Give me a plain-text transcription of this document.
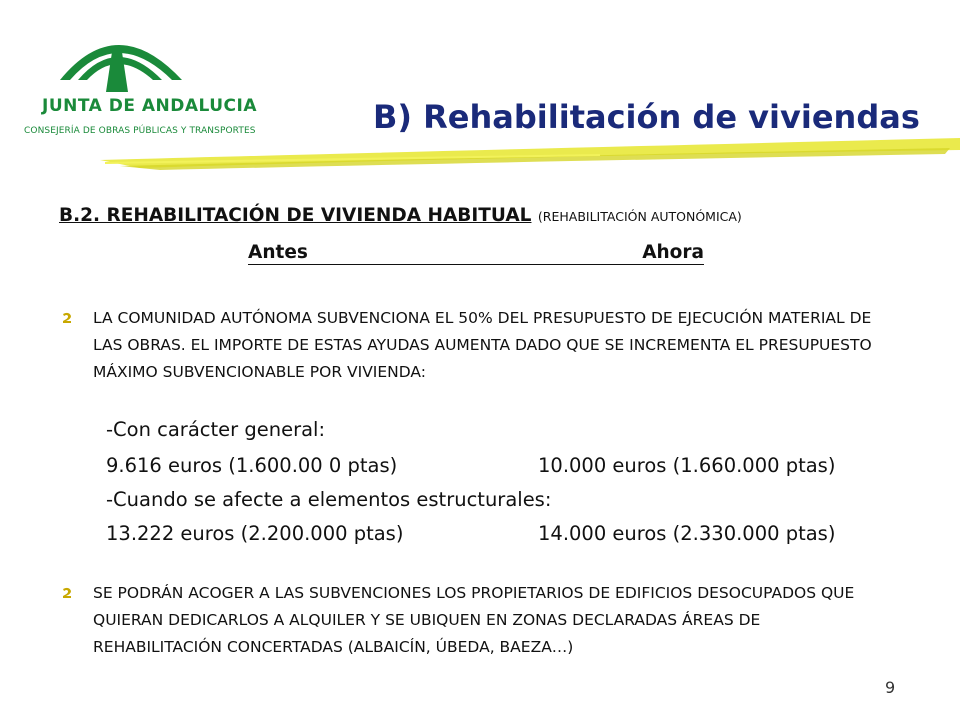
JUNTA DE ANDALUCIA
CONSEJERÍA DE OBRAS PÚBLICAS Y TRANSPORTES	B) Rehabilitación de viviendas
B.2. REHABILITACIÓN DE VIVIENDA HABITUAL (REHABILITACIÓN AUTONÓMICA)
Antes	Ahora
LA COMUNIDAD AUTÓNOMA SUBVENCIONA EL 50% DEL PRESUPUESTO DE EJECUCIÓN MATERIAL DE LAS OBRAS. EL IMPORTE DE ESTAS AYUDAS AUMENTA DADO QUE SE INCREMENTA EL PRESUPUESTO MÁXIMO SUBVENCIONABLE POR VIVIENDA:
-Con carácter general:
9.616 euros (1.600.00 0 ptas)	10.000 euros (1.660.000 ptas)
-Cuando se afecte a elementos estructurales:
13.222 euros (2.200.000 ptas)	14.000 euros (2.330.000 ptas)
SE PODRÁN ACOGER A LAS SUBVENCIONES LOS PROPIETARIOS DE EDIFICIOS DESOCUPADOS QUE QUIERAN DEDICARLOS A ALQUILER Y SE UBIQUEN EN ZONAS DECLARADAS ÁREAS DE REHABILITACIÓN CONCERTADAS (ALBAICÍN, ÚBEDA, BAEZA…)
9
